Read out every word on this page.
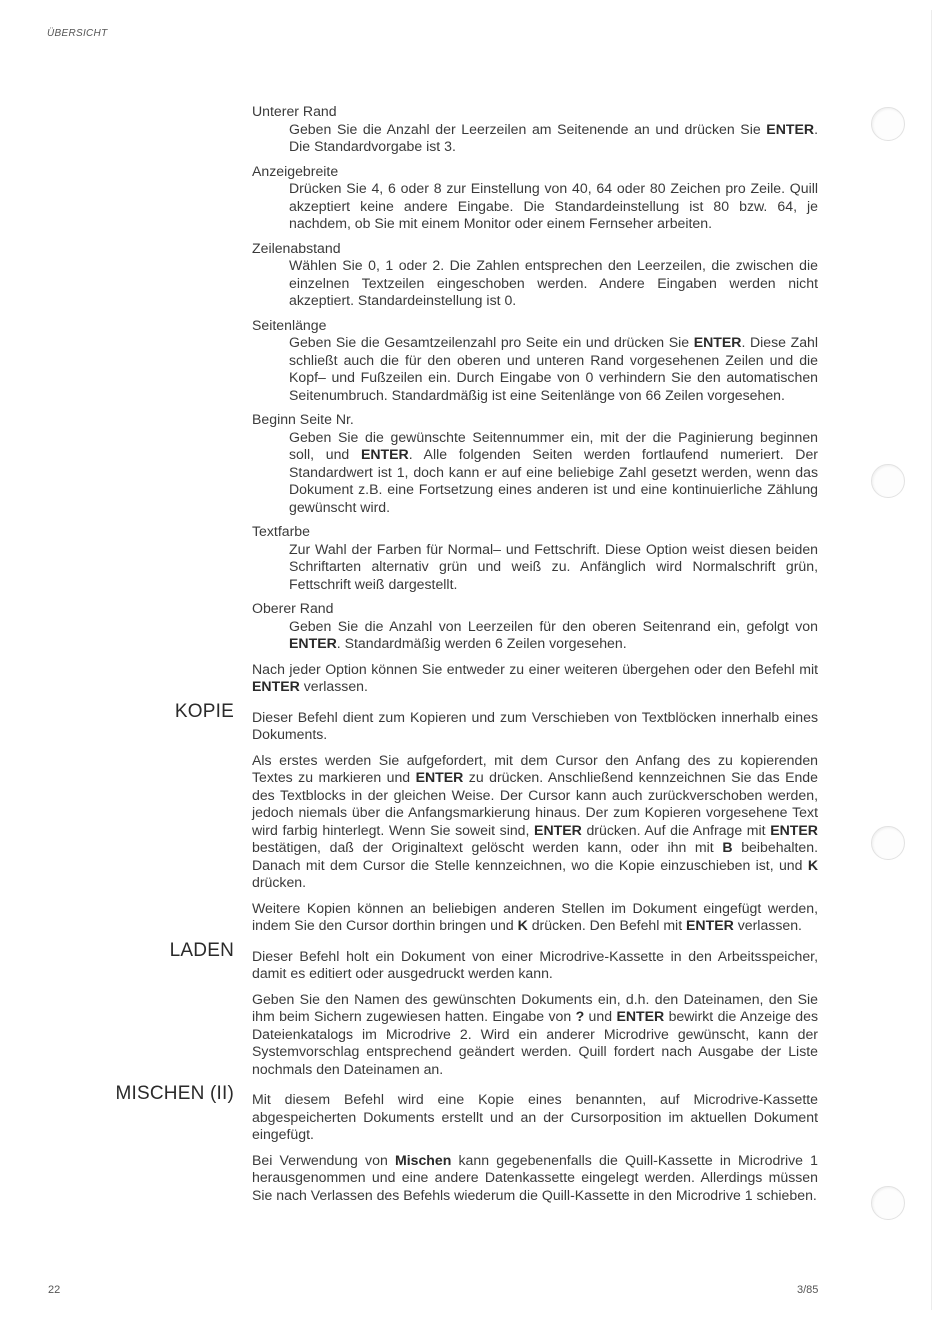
ÜBERSICHT
Unterer Rand
Geben Sie die Anzahl der Leerzeilen am Seitenende an und drücken Sie ENTER. Die Standardvorgabe ist 3.
Anzeigebreite
Drücken Sie 4, 6 oder 8 zur Einstellung von 40, 64 oder 80 Zeichen pro Zeile. Quill akzeptiert keine andere Eingabe. Die Standardeinstellung ist 80 bzw. 64, je nachdem, ob Sie mit einem Monitor oder einem Fernseher arbeiten.
Zeilenabstand
Wählen Sie 0, 1 oder 2. Die Zahlen entsprechen den Leerzeilen, die zwischen die einzelnen Textzeilen eingeschoben werden. Andere Eingaben werden nicht akzeptiert. Standardeinstellung ist 0.
Seitenlänge
Geben Sie die Gesamtzeilenzahl pro Seite ein und drücken Sie ENTER. Diese Zahl schließt auch die für den oberen und unteren Rand vorgesehenen Zeilen und die Kopf– und Fußzeilen ein. Durch Eingabe von 0 verhindern Sie den automatischen Seitenumbruch. Standardmäßig ist eine Seitenlänge von 66 Zeilen vorgesehen.
Beginn Seite Nr.
Geben Sie die gewünschte Seitennummer ein, mit der die Paginierung beginnen soll, und ENTER. Alle folgenden Seiten werden fortlaufend numeriert. Der Standardwert ist 1, doch kann er auf eine beliebige Zahl gesetzt werden, wenn das Dokument z.B. eine Fortsetzung eines anderen ist und eine kontinuierliche Zählung gewünscht wird.
Textfarbe
Zur Wahl der Farben für Normal– und Fettschrift. Diese Option weist diesen beiden Schriftarten alternativ grün und weiß zu. Anfänglich wird Normalschrift grün, Fettschrift weiß dargestellt.
Oberer Rand
Geben Sie die Anzahl von Leerzeilen für den oberen Seitenrand ein, gefolgt von ENTER. Standardmäßig werden 6 Zeilen vorgesehen.
Nach jeder Option können Sie entweder zu einer weiteren übergehen oder den Befehl mit ENTER verlassen.
KOPIE Dieser Befehl dient zum Kopieren und zum Verschieben von Textblöcken innerhalb eines Dokuments.
Als erstes werden Sie aufgefordert, mit dem Cursor den Anfang des zu kopierenden Textes zu markieren und ENTER zu drücken. Anschließend kennzeichnen Sie das Ende des Textblocks in der gleichen Weise. Der Cursor kann auch zurückverschoben werden, jedoch niemals über die Anfangsmarkierung hinaus. Der zum Kopieren vorgesehene Text wird farbig hinterlegt. Wenn Sie soweit sind, ENTER drücken. Auf die Anfrage mit ENTER bestätigen, daß der Originaltext gelöscht werden kann, oder ihn mit B beibehalten. Danach mit dem Cursor die Stelle kennzeichnen, wo die Kopie einzuschieben ist, und K drücken.
Weitere Kopien können an beliebigen anderen Stellen im Dokument eingefügt werden, indem Sie den Cursor dorthin bringen und K drücken. Den Befehl mit ENTER verlassen.
LADEN Dieser Befehl holt ein Dokument von einer Microdrive-Kassette in den Arbeitsspeicher, damit es editiert oder ausgedruckt werden kann.
Geben Sie den Namen des gewünschten Dokuments ein, d.h. den Dateinamen, den Sie ihm beim Sichern zugewiesen hatten. Eingabe von ? und ENTER bewirkt die Anzeige des Dateienkatalogs im Microdrive 2. Wird ein anderer Microdrive gewünscht, kann der Systemvorschlag entsprechend geändert werden. Quill fordert nach Ausgabe der Liste nochmals den Dateinamen an.
MISCHEN (II) Mit diesem Befehl wird eine Kopie eines benannten, auf Microdrive-Kassette abgespeicherten Dokuments erstellt und an der Cursorposition im aktuellen Dokument eingefügt.
Bei Verwendung von Mischen kann gegebenenfalls die Quill-Kassette in Microdrive 1 herausgenommen und eine andere Datenkassette eingelegt werden. Allerdings müssen Sie nach Verlassen des Befehls wiederum die Quill-Kassette in den Microdrive 1 schieben.
22	3/85
